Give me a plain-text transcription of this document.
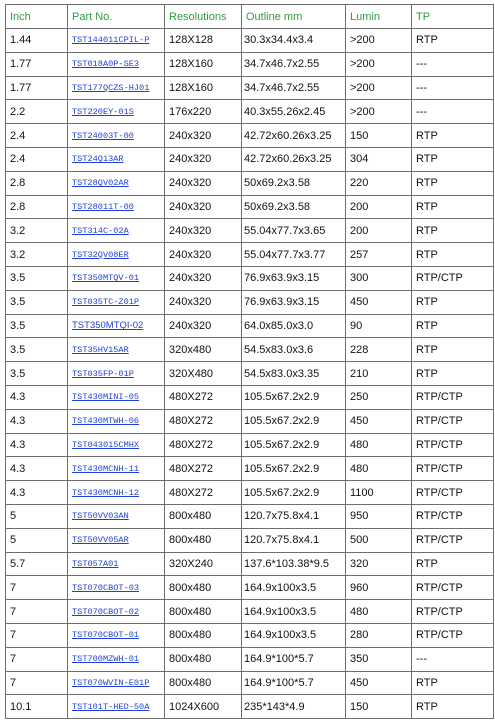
Inch	Part No.	Resolutions	Outline mm	Lumin	TP
1.44	TST144011CPIL-P	128X128	30.3x34.4x3.4	>200	RTP
1.77	TST018A0P-SE3	128X160	34.7x46.7x2.55	>200	---
1.77	TST177QCZS-HJ01	128X160	34.7x46.7x2.55	>200	---
2.2	TST220EY-01S	176x220	40.3x55.26x2.45	>200	---
2.4	TST24003T-00	240x320	42.72x60.26x3.25	150	RTP
2.4	TST24Q13AR	240x320	42.72x60.26x3.25	304	RTP
2.8	TST28QV02AR	240x320	50x69.2x3.58	220	RTP
2.8	TST28011T-00	240x320	50x69.2x3.58	200	RTP
3.2	TST314C-02A	240x320	55.04x77.7x3.65	200	RTP
3.2	TST32QV08ER	240x320	55.04x77.7x3.77	257	RTP
3.5	TST350MTQV-01	240x320	76.9x63.9x3.15	300	RTP/CTP
3.5	TST035TC-Z01P	240x320	76.9x63.9x3.15	450	RTP
3.5	TST350MTQI-02	240x320	64.0x85.0x3.0	90	RTP
3.5	TST35HV15AR	320x480	54.5x83.0x3.6	228	RTP
3.5	TST035FP-01P	320X480	54.5x83.0x3.35	210	RTP
4.3	TST430MINI-05	480X272	105.5x67.2x2.9	250	RTP/CTP
4.3	TST430MTWH-06	480X272	105.5x67.2x2.9	450	RTP/CTP
4.3	TST043015CMHX	480X272	105.5x67.2x2.9	480	RTP/CTP
4.3	TST430MCNH-11	480X272	105.5x67.2x2.9	480	RTP/CTP
4.3	TST430MCNH-12	480X272	105.5x67.2x2.9	1100	RTP/CTP
5	TST50VV03AN	800x480	120.7x75.8x4.1	950	RTP/CTP
5	TST50VV05AR	800x480	120.7x75.8x4.1	500	RTP/CTP
5.7	TST057A01	320X240	137.6*103.38*9.5	320	RTP
7	TST070CBOT-03	800x480	164.9x100x3.5	960	RTP/CTP
7	TST070CBOT-02	800x480	164.9x100x3.5	480	RTP/CTP
7	TST070CBOT-01	800x480	164.9x100x3.5	280	RTP/CTP
7	TST700MZWH-01	800x480	164.9*100*5.7	350	---
7	TST070WVIN-E01P	800x480	164.9*100*5.7	450	RTP
10.1	TST101T-HED-50A	1024X600	235*143*4.9	150	RTP
